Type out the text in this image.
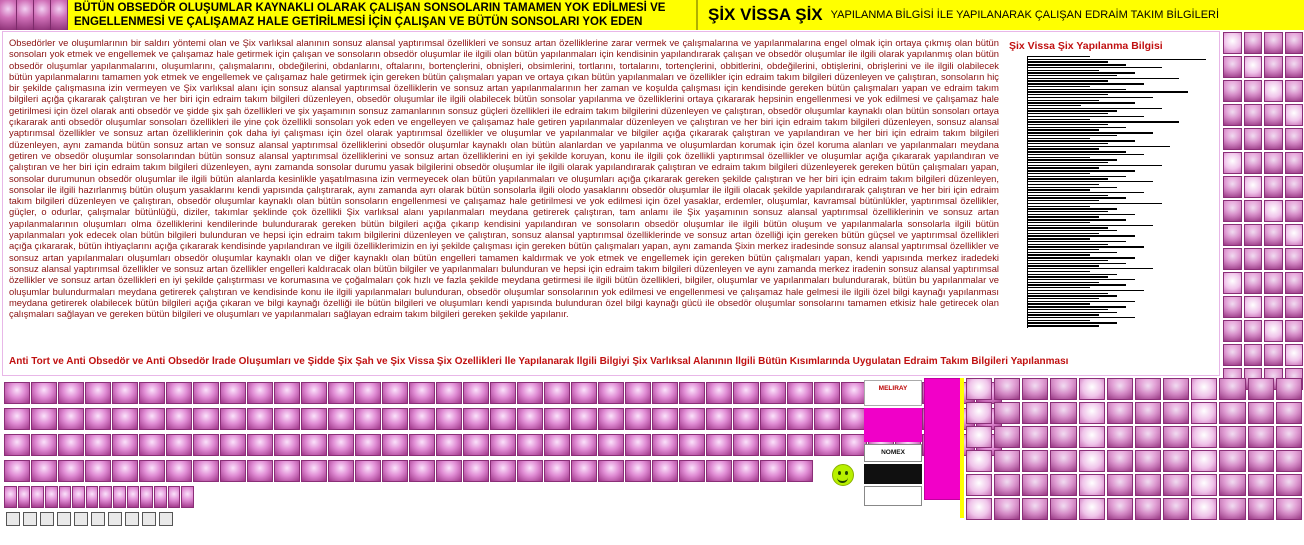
BÜTÜN OBSEDÖR OLUŞUMLAR KAYNAKLI OLARAK ÇALIŞAN SONSOLARIN TAMAMEN YOK EDİLMESİ VE ENGELLENMESİ VE ÇALIŞAMAZ HALE GETİRİLMESİ İÇİN ÇALIŞAN VE BÜTÜN SONSOLARI YOK EDEN	ŞİX VİSSA ŞİX YAPILANMA BİLGİSİ İLE YAPILANARAK ÇALIŞAN EDRAİM TAKIM BİLGİLERİ
Obsedörler ve oluşumlarının bir saldırı yöntemi olan ve Şix varlıksal alanının sonsuz alansal yaptırımsal özellikleri ve sonsuz artan özelliklerine zarar vermek ve çalışmalarına ve yapılanmalarına engel olmak için ortaya çıkmış olan bütün sonsoları yok etmek ve engellemek ve çalışamaz hale getirmek için çalışan ve sonsoların obsedör oluşumlar ile ilgili olan bütün yapılanmaları için kendisinin yapılandırarak çalışan ve obsedör oluşumlar ile ilgili olarak yapılanmış olan bütün obsedör oluşumlar yapılanmalarını, oluşumlarını, çalışmalarını, obdeğilerini, obdanlarını, oftalarını, bortençlerini, obnişleri, obsimlerini, tortlarını, tortalarını, tortençlerini, obbitlerini, obdeğilerini, obtişlerini, obrişlerini ve ile ilgili olabilecek bütün yapılanmalarını tamamen yok etmek ve engellemek ve çalışamaz hale getirmek için gereken bütün çalışmaları yapan ve ortaya çıkan bütün yapılanmaları ve özellikler için edraim takım bilgileri düzenleyen ve çalıştıran, sonsoların hiç bir şekilde çalışmasına izin vermeyen ve Şix varlıksal alanı için sonsuz alansal yaptırımsal özelliklerin ve sonsuz artan yapılanmalarının her zaman ve koşulda çalışması için kendisinde gereken bütün çalışmaları yapan ve edraim takım bilgileri açığa çıkararak çalıştıran ve her biri için edraim takım bilgileri düzenleyen, obsedör oluşumlar ile ilgili olabilecek bütün sonsolar yapılanma ve özelliklerini ortaya çıkararak hepsinin engellenmesi ve yok edilmesi ve çalışamaz hale getirilmesi için özel olarak anti obsedör ve şidde şix şah özellikleri ve şix yaşamının sonsuz zamanlarının sonsuz güçleri özellikleri ile edraim takım bilgilerini düzenleyen ve çalıştıran, obsedör oluşumlar kaynaklı olan bütün sonsoları ortaya çıkararak anti obsedör oluşumlar sonsoları özellikleri ile yine çok özellikli sonsoları yok eden ve engelleyen ve çalışamaz hale getiren yapılanmalar düzenleyen ve çalıştıran ve her biri için edraim takım bilgileri düzenleyen, sonsuz alansal yaptırımsal özellikler ve sonsuz artan özelliklerinin çok daha iyi çalışması için özel olarak yaptırımsal özellikler ve oluşumlar ve yapılanmalar ve bilgiler açığa çıkararak çalıştıran ve yapılandıran ve her biri için edraim takım bilgileri düzenleyen, aynı zamanda bütün sonsuz artan ve sonsuz alansal yaptırımsal özelliklerini obsedör oluşumlar kaynaklı olan bütün alanlardan ve yapılanma ve oluşumlardan korumak için özel koruma alanları ve yapılanmaları meydana getiren ve obsedör oluşumlar sonsolarından bütün sonsuz alansal yaptırımsal özelliklerini ve sonsuz artan özelliklerini en iyi şekilde koruyan, konu ile ilgili çok özellikli yaptırımsal özellikler ve oluşumlar açığa çıkararak yapılandıran ve çalıştıran ve her biri için edraim takım bilgileri düzenleyen, aynı zamanda sonsolar durumu yasak bilgilerini obsedör oluşumlar ile ilgili olarak yapılandırarak çalıştıran ve edraim takım bilgileri düzenleyerek gereken bütün çalışmaları yapan, sonsolar durumunun obsedör oluşumlar ile ilgili bütün alanlarda kesinlikle yaşatılmasına izin vermeyecek olan bütün yapılanmaları ve oluşumları açığa çıkararak gereken şekilde çalıştıran ve her biri için edraim takım bilgileri düzenleyen, sonsolar ile ilgili hazırlanmış bütün oluşum yasaklarını kendi yapısında çalıştırarak, aynı zamanda ayrı olarak bütün sonsolarla ilgili olodo yasaklarını obsedör oluşumlar ile ilgili olacak şekilde yapılandırarak çalıştıran ve her biri için edraim takım bilgileri düzenleyen ve çalıştıran, obsedör oluşumlar kaynaklı olan bütün sonsoların engellenmesi ve çalışamaz hale getirilmesi ve yok edilmesi için özel yasaklar, erdemler, oluşumlar, kavramsal bütünlükler, yaptırımsal özellikler, güçler, o odurlar, çalışmalar bütünlüğü, diziler, takımlar şeklinde çok özellikli Şix varlıksal alanı yapılanmaları meydana getirerek çalıştıran, tam anlamı ile Şix yaşamının sonsuz alansal yaptırımsal özelliklerinin ve sonsuz artan yapılanmalarının oluşumları olma özelliklerini kendilerinde bulundurarak gereken bütün bilgileri açığa çıkarıp kendisini yapılandıran ve sonsoların obsedör oluşumlar ile ilgili bütün oluşum ve yapılanmalarla sonsolarla ilgili bütün yapılanmaları yok edecek olan bütün bilgileri bulunduran ve hepsi için edraim takım bilgilerini düzenleyen ve çalıştıran, sonsuz alansal yaptırımsal özelliklerinde ve sonsuz artan özelliği için gereken bütün güçsel ve yaptırımsal özellikleri açığa çıkararak, bütün ihtiyaçlarını açığa çıkararak kendisinde yapılandıran ve ilgili özelliklerimizin en iyi şekilde çalışması için gereken bütün çalışmaları yapan, aynı zamanda Şixin merkez iradesinde sonsuz alansal yaptırımsal özellikler ve sonsuz artan yapılanmaları oluşumları obsedör oluşumlar kaynaklı olan ve diğer kaynaklı olan bütün engelleri tamamen kaldırmak ve yok etmek ve engellemek için gereken bütün çalışmaları yapan, kendi yapısında merkez iradedeki sonsuz alansal yaptırımsal özellikler ve sonsuz artan özellikler engelleri kaldıracak olan bütün bilgiler ve yapılanmaları bulunduran ve hepsi için edraim takım bilgileri düzenleyen ve aynı zamanda merkez iradenin sonsuz alansal yaptırımsal özellikler ve sonsuz artan özellikleri en iyi şekilde çalıştırması ve korumasına ve çoğalmaları çok hızlı ve fazla şekilde meydana getirmesi ile ilgili bütün özellikleri, bilgiler, oluşumlar ve yapılanmaları bulundurarak, bütün bu yapılanmalar ve oluşumlar bulundurmaları meydana getirerek çalıştıran ve kendisinde konu ile ilgili yapılanmaları bulunduran, obsedör oluşumlar sonsolarının yok edilmesi ve engellenmesi ve çalışamaz hale gelmesi ile ilgili özel bilgi kaynağı yapılanması meydana getirerek olabilecek bütün bilgileri açığa çıkaran ve bilgi kaynağı özelliği ile bütün bilgileri ve oluşumları kendi yapısında bulunduran özel bilgi kaynağı gücü ile obsedör oluşumlar sonsolarını tamamen etkisiz hale getirecek olan çalışmaları sağlayan ve gereken bütün bilgileri ve oluşumları ve yapılanmaları sağlayan edraim takım bilgileri gereken şekilde yapılanır.
Şix Vissa Şix Yapılanma Bilgisi
Anti Tort ve Anti Obsedör ve Anti Obsedör İrade Oluşumları ve Şidde Şix Şah ve Şix Vissa Şix Özellikleri İle Yapılanarak İlgili Bilgiyi Şix Varlıksal Alanının İlgili Bütün Kısımlarında Uygulatan Edraim Takım Bilgileri Yapılanması
MELIRAY
NOMEX
